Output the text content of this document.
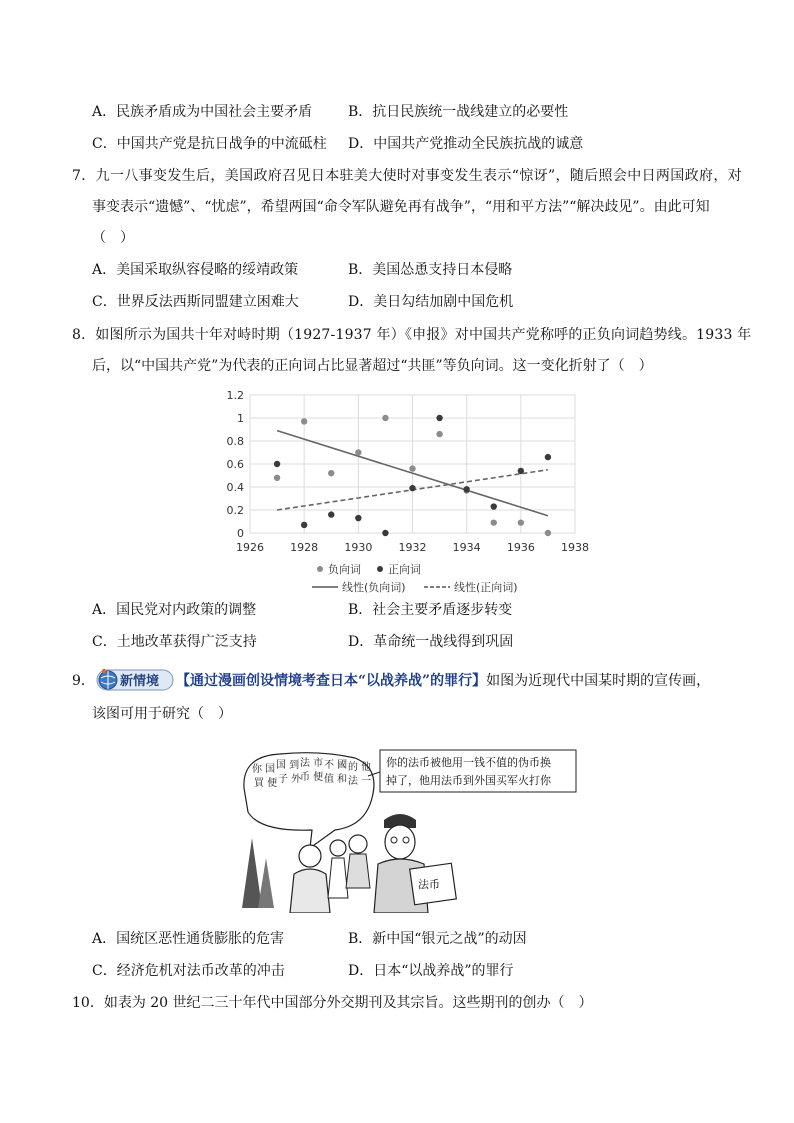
A．民族矛盾成为中国社会主要矛盾	B．抗日民族统一战线建立的必要性
C．中国共产党是抗日战争的中流砥柱 D．中国共产党推动全民族抗战的诚意
7．九一八事变发生后，美国政府召见日本驻美大使时对事变发生表示“惊讶”，随后照会中日两国政府，对
事变表示“遗憾”、“忧虑”，希望两国“命令军队避免再有战争”，“用和平方法”“解决歧见”。由此可知
（　）
A．美国采取纵容侵略的绥靖政策	B．美国怂恿支持日本侵略
C．世界反法西斯同盟建立困难大	D．美日勾结加剧中国危机
8．如图所示为国共十年对峙时期（1927-1937 年）《申报》对中国共产党称呼的正负向词趋势线。1933 年
后，以“中国共产党”为代表的正向词占比显著超过“共匪”等负向词。这一变化折射了（　）
0
0.2
0.4
0.6
0.8
1
1.2
1926 1928 1930 1932 1934 1936 1938
负向词 正向词
线性(负向词)	线性(正向词)
A．国民党对内政策的调整	B．社会主要矛盾逐步转变
C．土地改革获得广泛支持	D．革命统一战线得到巩固
9． 新情境 【通过漫画创设情境考查日本“以战养战”的罪行】如图为近现代中国某时期的宣传画，
该图可用于研究（　）
你 国
買 便
国 到
子 外
法 市
币 便
不 國
值 和
的 他
法 一
你的法币被他用一钱不值的伪币换
掉了，他用法币到外国买军火打你
法币
A．国统区恶性通货膨胀的危害	B．新中国“银元之战”的动因
C．经济危机对法币改革的冲击	D．日本“以战养战”的罪行
10．如表为 20 世纪二三十年代中国部分外交期刊及其宗旨。这些期刊的创办（　）
